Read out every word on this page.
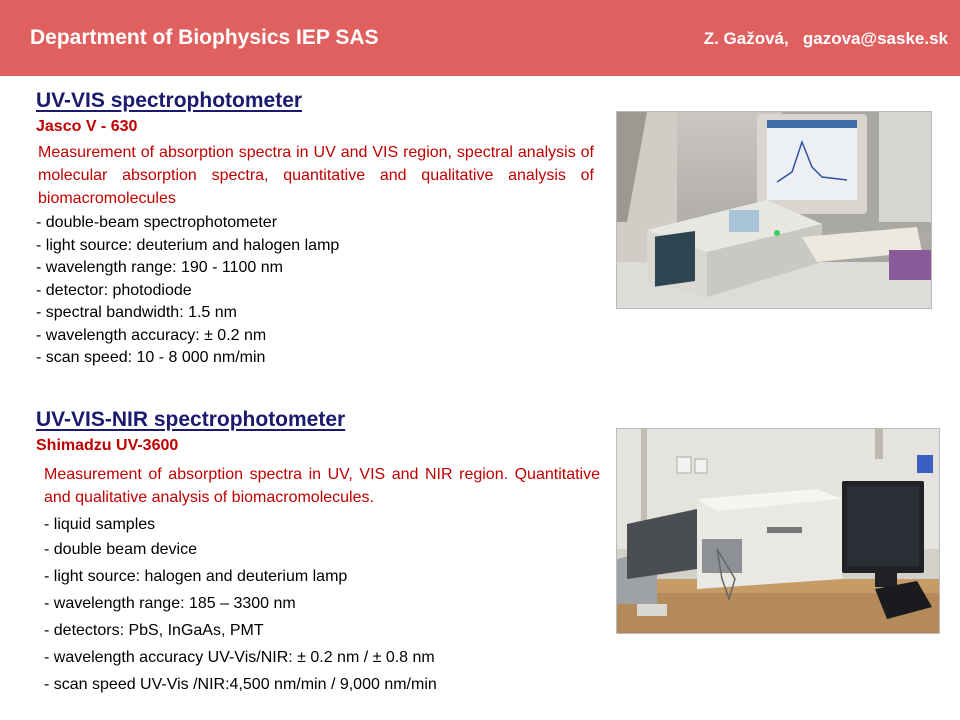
Department of Biophysics IEP SAS	Z. Gažová,   gazova@saske.sk
UV-VIS spectrophotometer
Jasco V - 630
Measurement of absorption spectra in UV and VIS region, spectral analysis of molecular absorption spectra, quantitative and qualitative analysis of biomacromolecules
- double-beam spectrophotometer
- light source: deuterium and halogen lamp
- wavelength range: 190 - 1100 nm
- detector: photodiode
- spectral bandwidth: 1.5 nm
- wavelength accuracy: ± 0.2 nm
- scan speed: 10 - 8 000 nm/min
UV-VIS-NIR spectrophotometer
Shimadzu UV-3600
Measurement of absorption spectra in UV, VIS and NIR region. Quantitative and qualitative analysis of biomacromolecules.
- liquid samples
- double beam device
- light source: halogen and deuterium lamp
- wavelength range: 185 – 3300 nm
- detectors: PbS, InGaAs, PMT
- wavelength accuracy UV-Vis/NIR: ± 0.2 nm / ± 0.8 nm
- scan speed UV-Vis /NIR:4,500 nm/min / 9,000 nm/min
